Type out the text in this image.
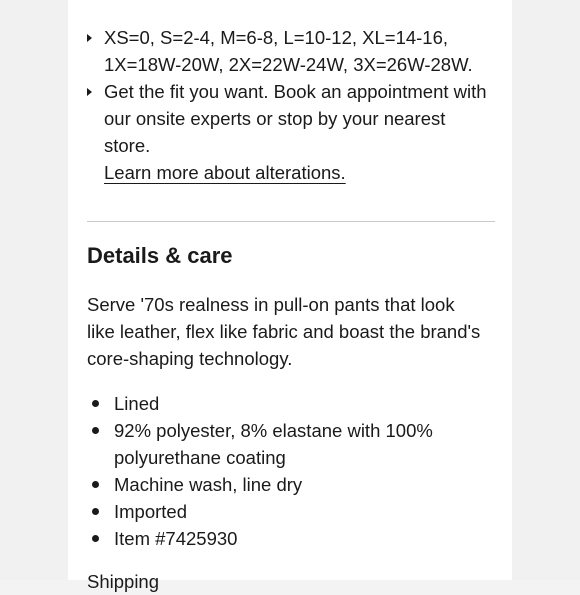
XS=0, S=2-4, M=6-8, L=10-12, XL=14-16, 1X=18W-20W, 2X=22W-24W, 3X=26W-28W.
Get the fit you want. Book an appointment with our onsite experts or stop by your nearest store.
Learn more about alterations.
Details & care

Serve '70s realness in pull-on pants that look like leather, flex like fabric and boast the brand's core-shaping technology.

Lined
92% polyester, 8% elastane with 100% polyurethane coating
Machine wash, line dry
Imported
Item #7425930

Shipping
